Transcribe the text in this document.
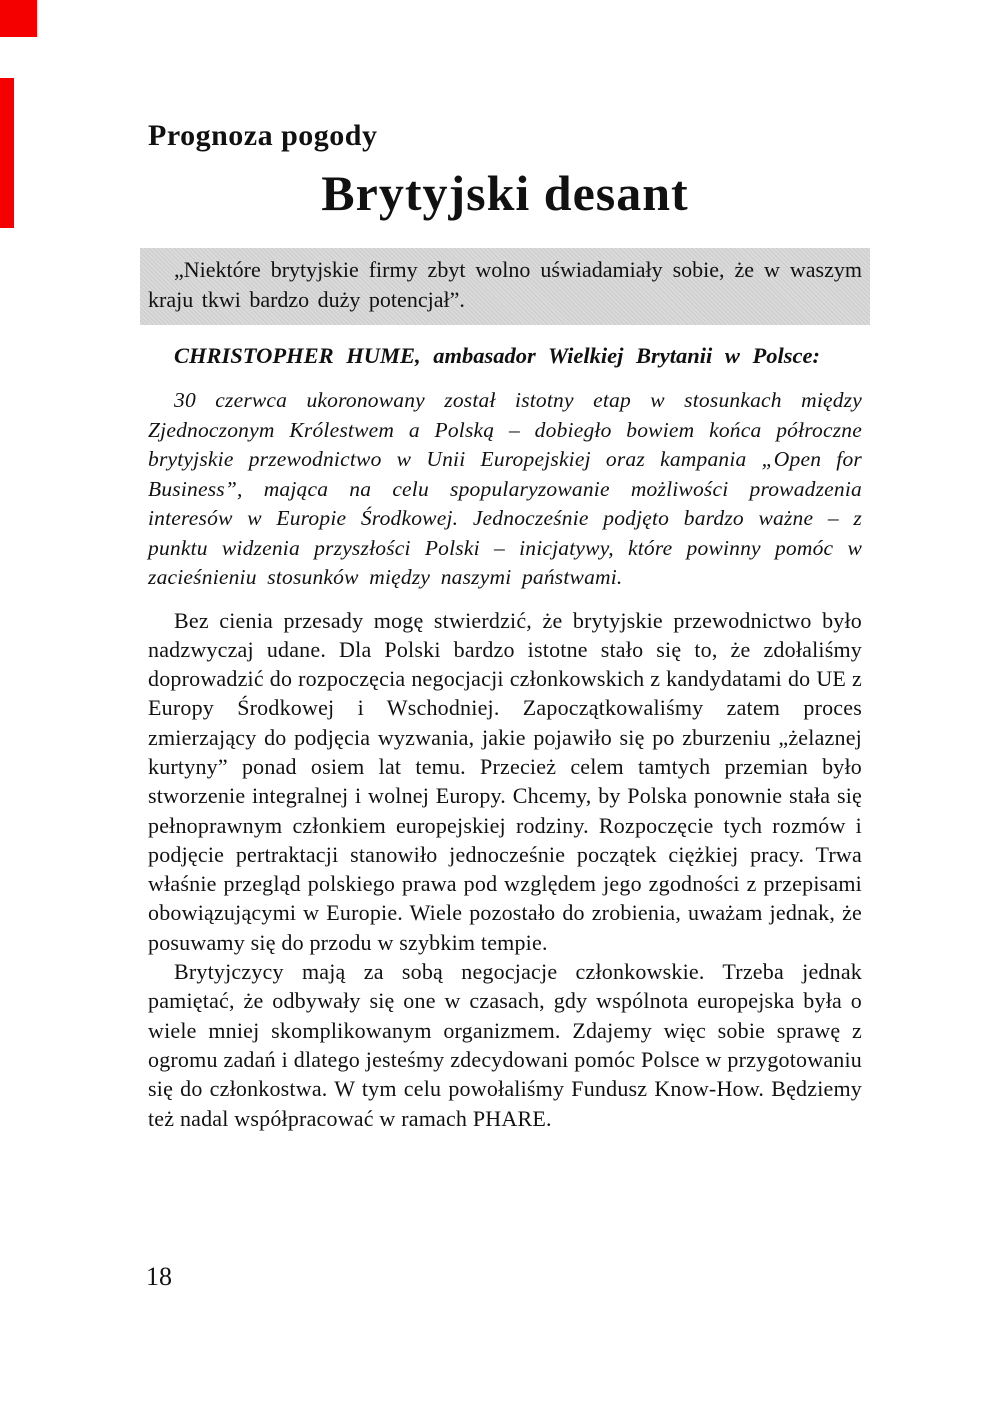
Prognoza pogody
Brytyjski desant
„Niektóre brytyjskie firmy zbyt wolno uświadamiały sobie, że w waszym kraju tkwi bardzo duży potencjał”.

CHRISTOPHER HUME, ambasador Wielkiej Brytanii w Polsce:

30 czerwca ukoronowany został istotny etap w stosunkach między Zjednoczonym Królestwem a Polską – dobiegło bowiem końca półroczne brytyjskie przewodnictwo w Unii Europejskiej oraz kampania „Open for Business”, mająca na celu spopularyzowanie możliwości prowadzenia interesów w Europie Środkowej. Jednocześnie podjęto bardzo ważne – z punktu widzenia przyszłości Polski – inicjatywy, które powinny pomóc w zacieśnieniu stosunków między naszymi państwami.

Bez cienia przesady mogę stwierdzić, że brytyjskie przewodnictwo było nadzwyczaj udane. Dla Polski bardzo istotne stało się to, że zdołaliśmy doprowadzić do rozpoczęcia negocjacji członkowskich z kandydatami do UE z Europy Środkowej i Wschodniej. Zapoczątkowaliśmy zatem proces zmierzający do podjęcia wyzwania, jakie pojawiło się po zburzeniu „żelaznej kurtyny” ponad osiem lat temu. Przecież celem tamtych przemian było stworzenie integralnej i wolnej Europy. Chcemy, by Polska ponownie stała się pełnoprawnym członkiem europejskiej rodziny. Rozpoczęcie tych rozmów i podjęcie pertraktacji stanowiło jednocześnie początek ciężkiej pracy. Trwa właśnie przegląd polskiego prawa pod względem jego zgodności z przepisami obowiązującymi w Europie. Wiele pozostało do zrobienia, uważam jednak, że posuwamy się do przodu w szybkim tempie.

Brytyjczycy mają za sobą negocjacje członkowskie. Trzeba jednak pamiętać, że odbywały się one w czasach, gdy wspólnota europejska była o wiele mniej skomplikowanym organizmem. Zdajemy więc sobie sprawę z ogromu zadań i dlatego jesteśmy zdecydowani pomóc Polsce w przygotowaniu się do członkostwa. W tym celu powołaliśmy Fundusz Know-How. Będziemy też nadal współpracować w ramach PHARE.

18
